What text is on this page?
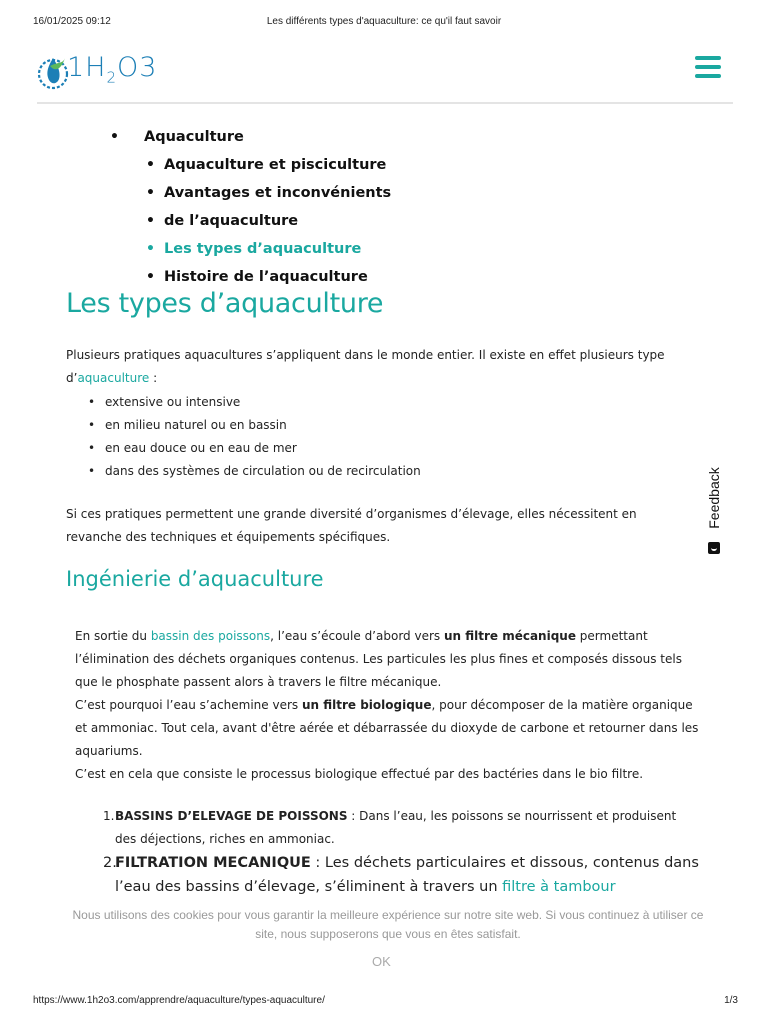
16/01/2025 09:12	Les différents types d'aquaculture: ce qu'il faut savoir
$1H_2O3$
• Aquaculture
• Aquaculture et pisciculture
• Avantages et inconvénients
• de l’aquaculture
• Les types d’aquaculture
• Histoire de l’aquaculture
Les types d’aquaculture

Plusieurs pratiques aquacultures s’appliquent dans le monde entier. Il existe en effet plusieurs type d’aquaculture :

• extensive ou intensive
• en milieu naturel ou en bassin
• en eau douce ou en eau de mer
• dans des systèmes de circulation ou de recirculation

Si ces pratiques permettent une grande diversité d’organismes d’élevage, elles nécessitent en revanche des techniques et équipements spécifiques.

Ingénierie d’aquaculture

En sortie du bassin des poissons, l’eau s’écoule d’abord vers un filtre mécanique permettant l’élimination des déchets organiques contenus. Les particules les plus fines et composés dissous tels que le phosphate passent alors à travers le filtre mécanique.

C’est pourquoi l’eau s’achemine vers un filtre biologique, pour décomposer de la matière organique et ammoniac. Tout cela, avant d'être aérée et débarrassée du dioxyde de carbone et retourner dans les aquariums.

C’est en cela que consiste le processus biologique effectué par des bactéries dans le bio filtre.

1. BASSINS D’ELEVAGE DE POISSONS : Dans l’eau, les poissons se nourrissent et produisent des déjections, riches en ammoniac.
2.
FILTRATION MECANIQUE : Les déchets particulaires et dissous, contenus dans l’eau des bassins d’élevage, s’éliminent à travers un filtre à tambour
Feedback
Nous utilisons des cookies pour vous garantir la meilleure expérience sur notre site web. Si vous continuez à utiliser ce site, nous supposerons que vous en êtes satisfait.
OK
https://www.1h2o3.com/apprendre/aquaculture/types-aquaculture/	1/3
